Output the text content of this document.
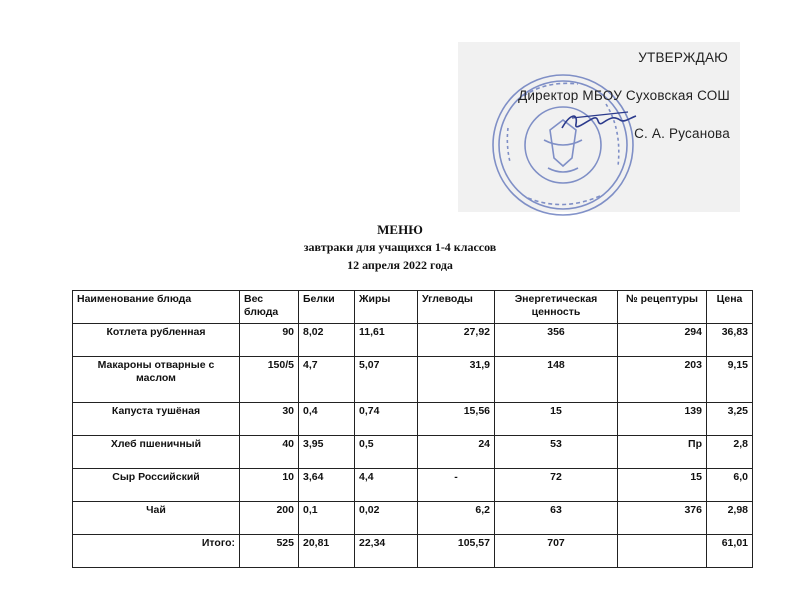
УТВЕРЖДАЮ
Директор МБОУ Суховская СОШ
С. А. Русанова
МЕНЮ
завтраки для учащихся 1-4 классов
12 апреля 2022 года
Наименование блюда	Вес блюда	Белки	Жиры	Углеводы	Энергетическая ценность	№ рецептуры	Цена
Котлета рубленная	90	8,02	11,61	27,92	356	294	36,83
Макароны отварные с маслом	150/5	4,7	5,07	31,9	148	203	9,15
Капуста тушёная	30	0,4	0,74	15,56	15	139	3,25
Хлеб пшеничный	40	3,95	0,5	24	53	Пр	2,8
Сыр Российский	10	3,64	4,4	-	72	15	6,0
Чай	200	0,1	0,02	6,2	63	376	2,98
Итого:	525	20,81	22,34	105,57	707		61,01
